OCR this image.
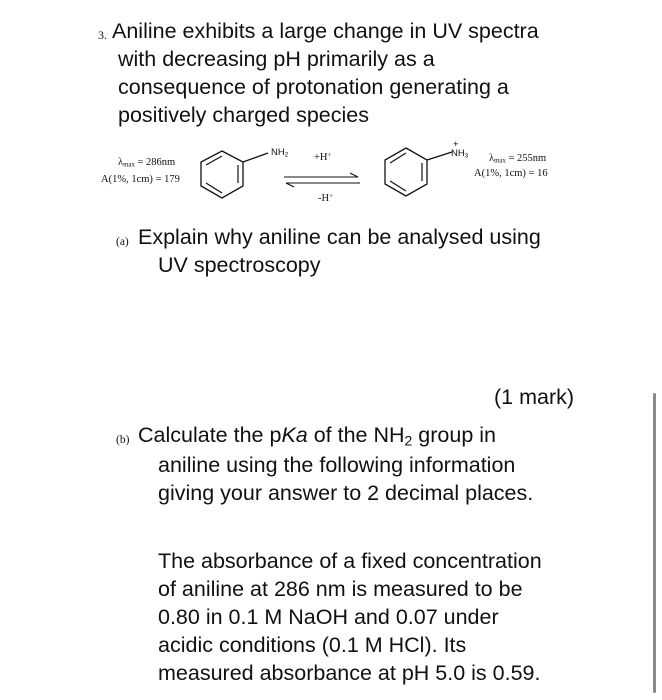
3. Aniline exhibits a large change in UV spectra
with decreasing pH primarily as a
consequence of protonation generating a
positively charged species
$\lambda_{max} = 286nm$
A(1%, 1cm) = 179
$NH_2 +H^+$
-H+
+
$NH_3$ $\lambda_{max} = 255nm$
A(1%, 1cm) = 16
(a) Explain why aniline can be analysed using
UV spectroscopy
(1 mark)
(b) Calculate the pKa of the $NH_2$ group in
aniline using the following information
giving your answer to 2 decimal places.
The absorbance of a fixed concentration
of aniline at 286 nm is measured to be
0.80 in 0.1 M NaOH and 0.07 under
acidic conditions (0.1 M HCl). Its
measured absorbance at pH 5.0 is 0.59.
